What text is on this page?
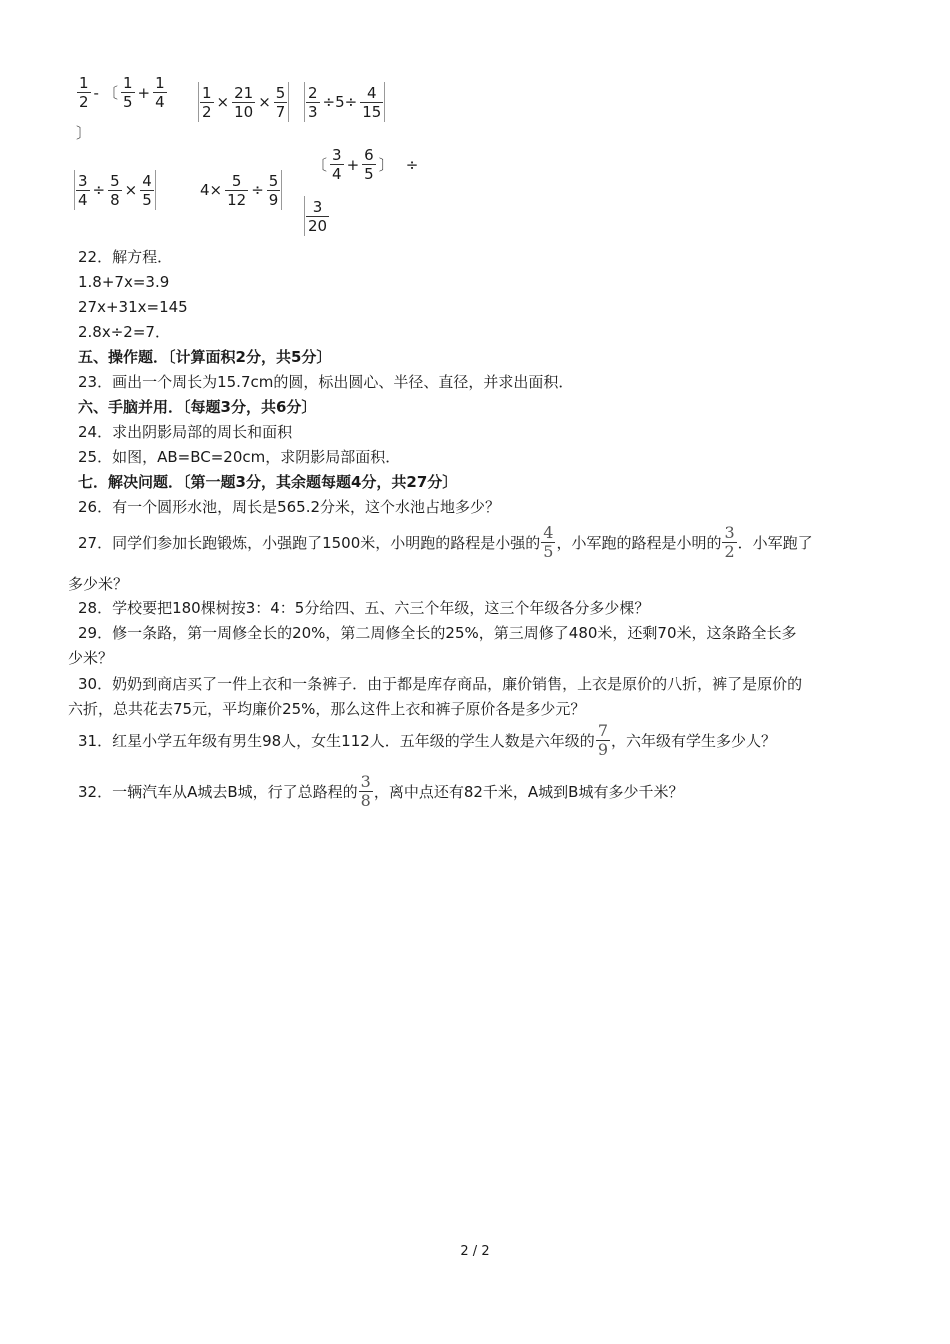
$\frac{1}{2}$ - 〔 $\frac{1}{5} + \frac{1}{4}$
〕
$\frac{1}{2} \times \frac{21}{10} \times \frac{5}{7} \frac{2}{3} \div 5\div \frac{4}{15}$
$\frac{3}{4} \div \frac{5}{8} \times \frac{4}{5}$	$4\times \frac{5}{12} \div \frac{5}{9}$
〔 $\frac{3}{4} + \frac{6}{5}$ 〕 ÷
$\frac{3}{20}$
22．解方程．
1.8+7x=3.9
27x+31x=145
2.8x÷2=7．
五、操作题．〔计算面积2分，共5分〕
23．画出一个周长为15.7cm的圆，标出圆心、半径、直径，并求出面积．
六、手脑并用．〔每题3分，共6分〕
24．求出阴影局部的周长和面积
25．如图，AB=BC=20cm，求阴影局部面积．
七．解决问题．〔第一题3分，其余题每题4分，共27分〕
26．有一个圆形水池，周长是565.2分米，这个水池占地多少？
27．同学们参加长跑锻炼，小强跑了1500米，小明跑的路程是小强的 $\frac{4}{5}$ ，小军跑的路程是小明的 $\frac{3}{2}$ ．小军跑了
多少米？
28．学校要把180棵树按3：4：5分给四、五、六三个年级，这三个年级各分多少棵？
29．修一条路，第一周修全长的20%，第二周修全长的25%，第三周修了480米，还剩70米，这条路全长多
少米？
30．奶奶到商店买了一件上衣和一条裤子．由于都是库存商品，廉价销售，上衣是原价的八折，裤了是原价的
六折，总共花去75元，平均廉价25%，那么这件上衣和裤子原价各是多少元？
31．红星小学五年级有男生98人，女生112人．五年级的学生人数是六年级的 $\frac{7}{9}$ ，六年级有学生多少人？
32．一辆汽车从A城去B城，行了总路程的 $\frac{3}{8}$ ，离中点还有82千米，A城到B城有多少千米？
2 / 2
